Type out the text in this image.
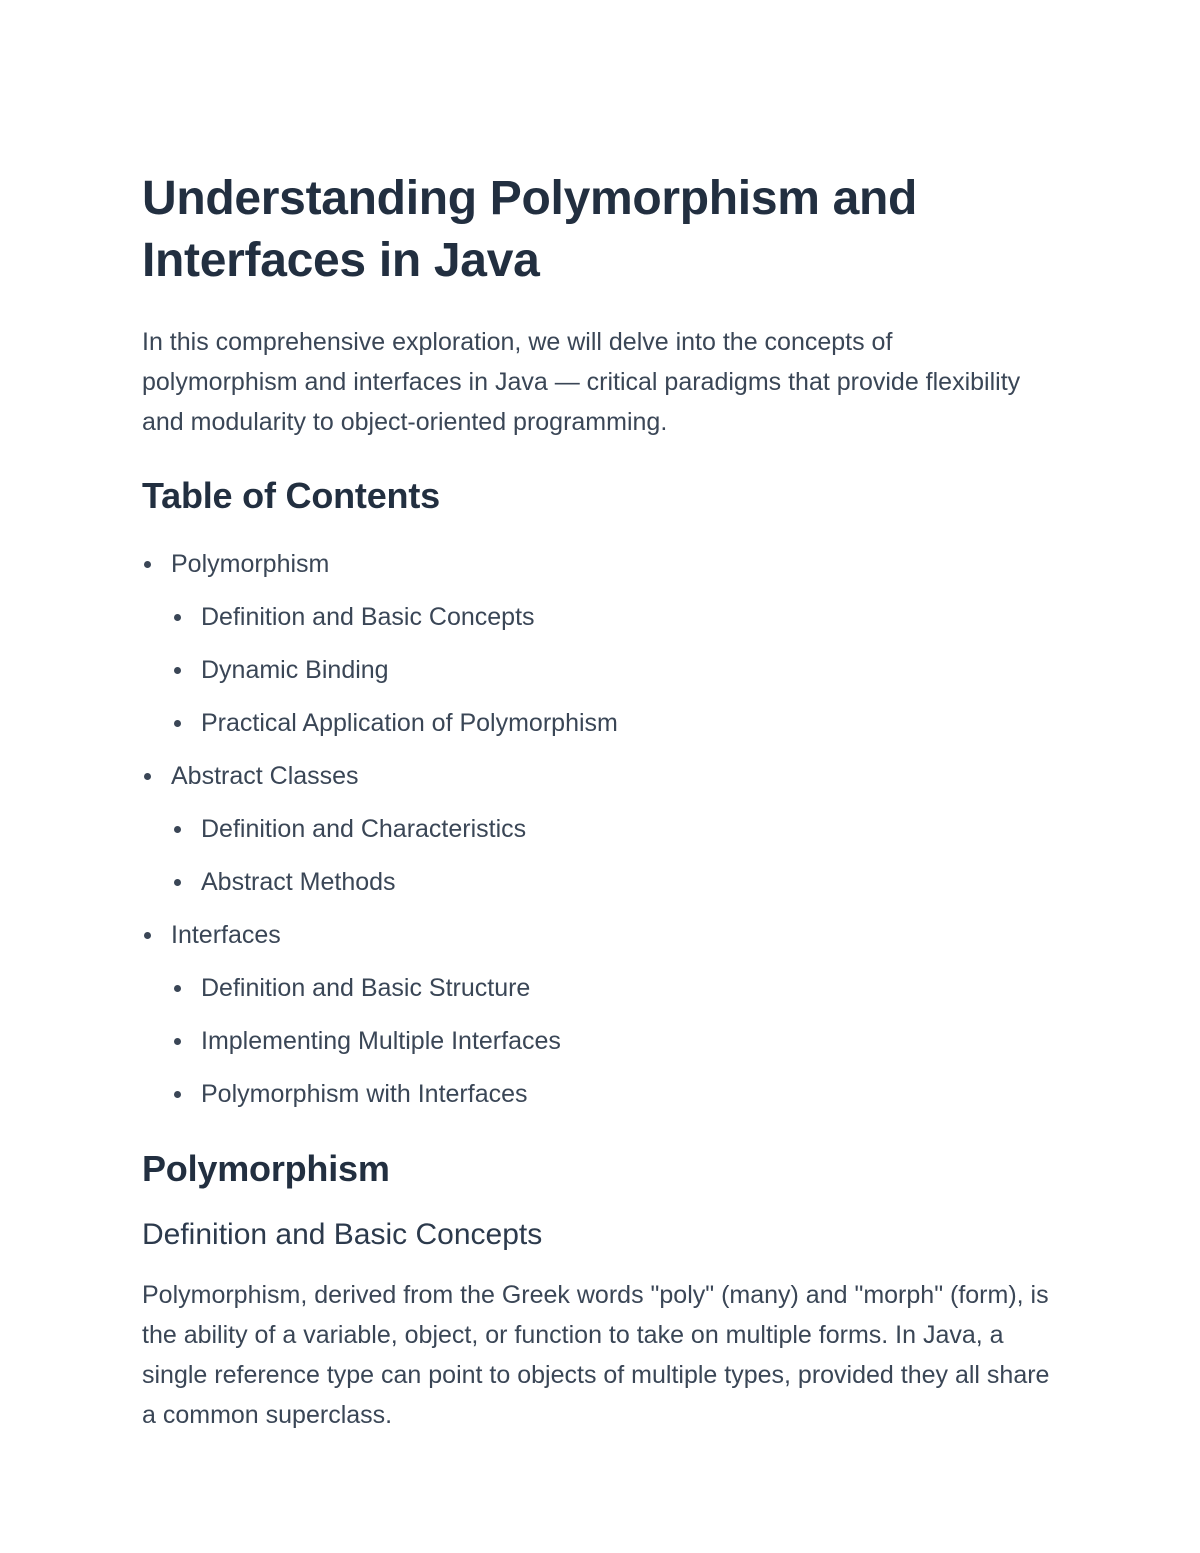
Understanding Polymorphism and Interfaces in Java

In this comprehensive exploration, we will delve into the concepts of polymorphism and interfaces in Java — critical paradigms that provide flexibility and modularity to object-oriented programming.

Table of Contents
Polymorphism
Definition and Basic Concepts
Dynamic Binding
Practical Application of Polymorphism
Abstract Classes
Definition and Characteristics
Abstract Methods
Interfaces
Definition and Basic Structure
Implementing Multiple Interfaces
Polymorphism with Interfaces
Polymorphism
Definition and Basic Concepts

Polymorphism, derived from the Greek words "poly" (many) and "morph" (form), is the ability of a variable, object, or function to take on multiple forms. In Java, a single reference type can point to objects of multiple types, provided they all share a common superclass.
